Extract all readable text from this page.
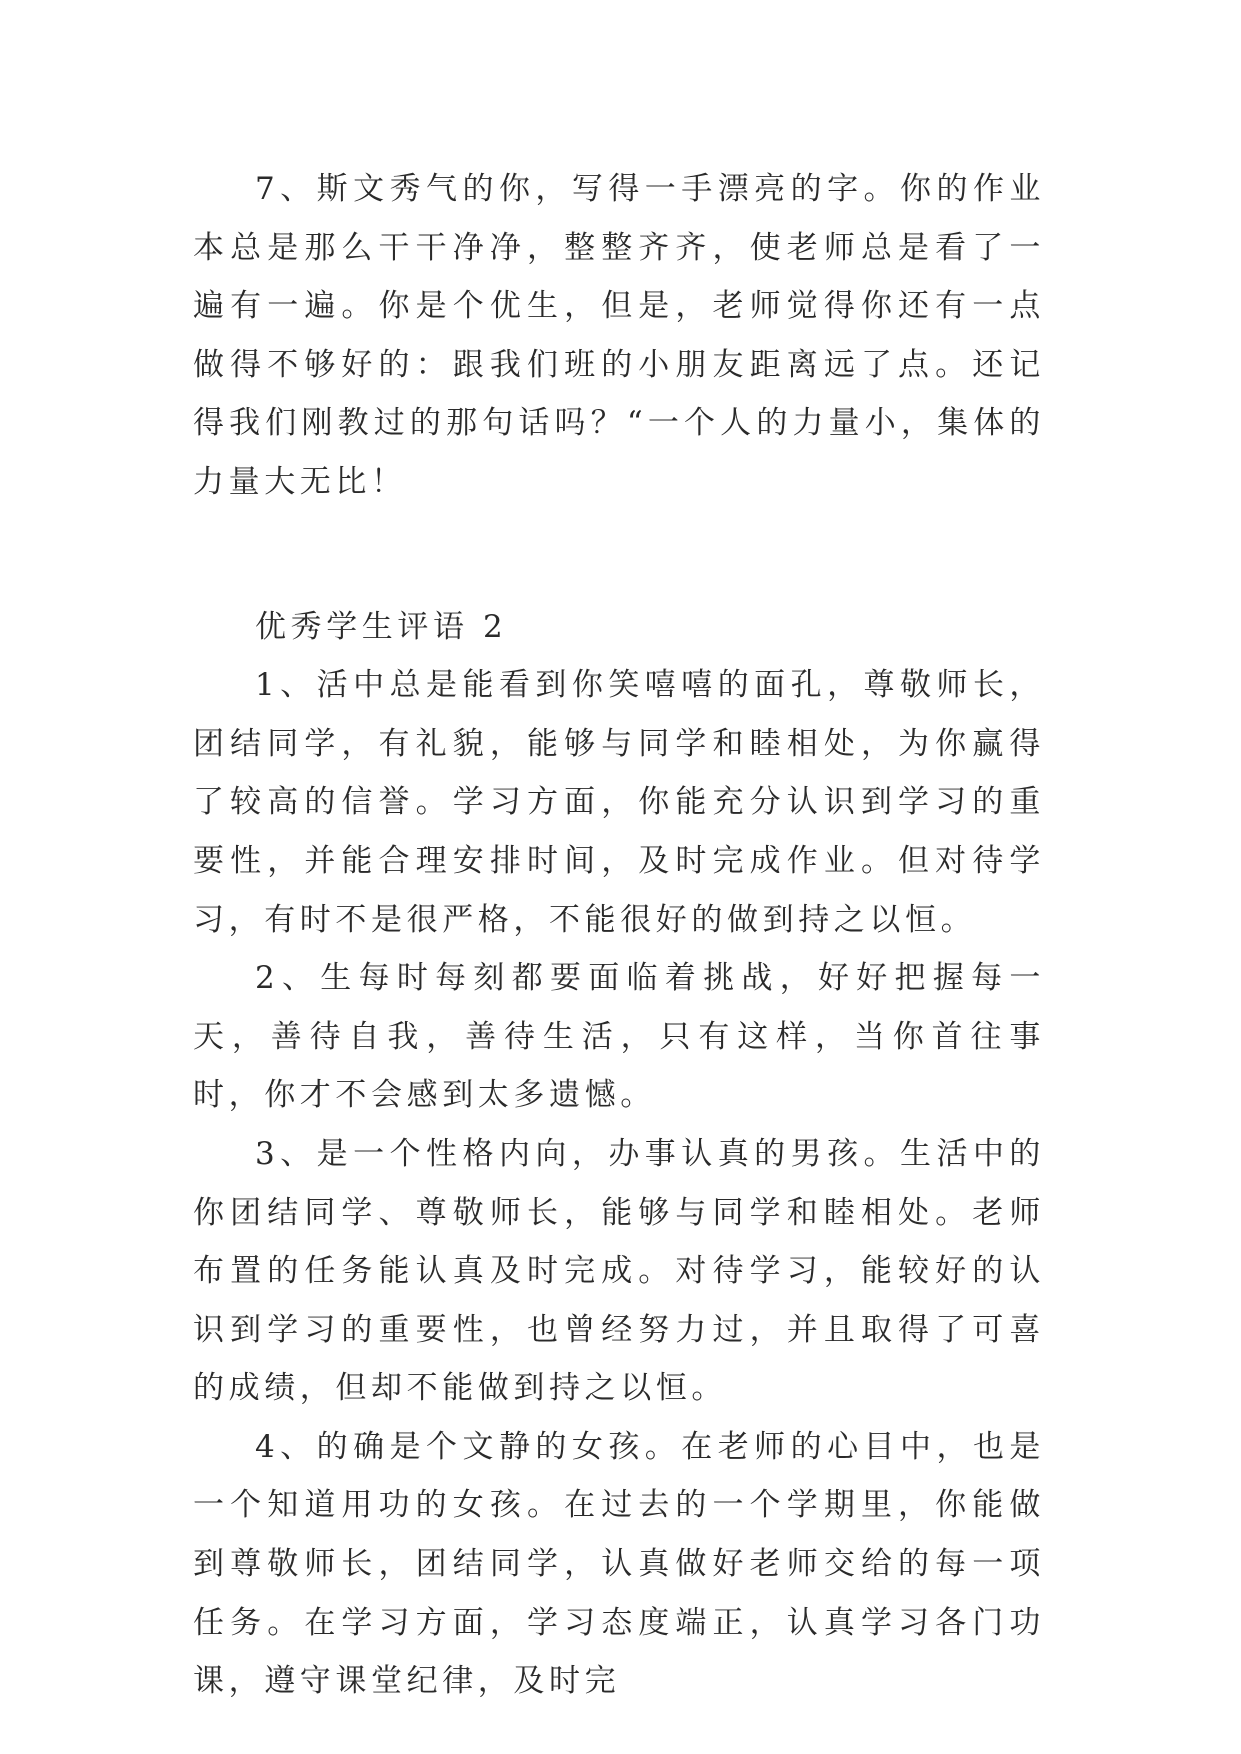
7、斯文秀气的你，写得一手漂亮的字。你的作业本总是那么干干净净，整整齐齐，使老师总是看了一遍有一遍。你是个优生，但是，老师觉得你还有一点做得不够好的：跟我们班的小朋友距离远了点。还记得我们刚教过的那句话吗？“一个人的力量小，集体的力量大无比！

优秀学生评语 2

1、活中总是能看到你笑嘻嘻的面孔，尊敬师长，团结同学，有礼貌，能够与同学和睦相处，为你赢得了较高的信誉。学习方面，你能充分认识到学习的重要性，并能合理安排时间，及时完成作业。但对待学习，有时不是很严格，不能很好的做到持之以恒。

2、生每时每刻都要面临着挑战，好好把握每一天，善待自我，善待生活，只有这样，当你首往事时，你才不会感到太多遗憾。

3、是一个性格内向，办事认真的男孩。生活中的你团结同学、尊敬师长，能够与同学和睦相处。老师布置的任务能认真及时完成。对待学习，能较好的认识到学习的重要性，也曾经努力过，并且取得了可喜的成绩，但却不能做到持之以恒。

4、的确是个文静的女孩。在老师的心目中，也是一个知道用功的女孩。在过去的一个学期里，你能做到尊敬师长，团结同学，认真做好老师交给的每一项任务。在学习方面，学习态度端正，认真学习各门功课，遵守课堂纪律，及时完
